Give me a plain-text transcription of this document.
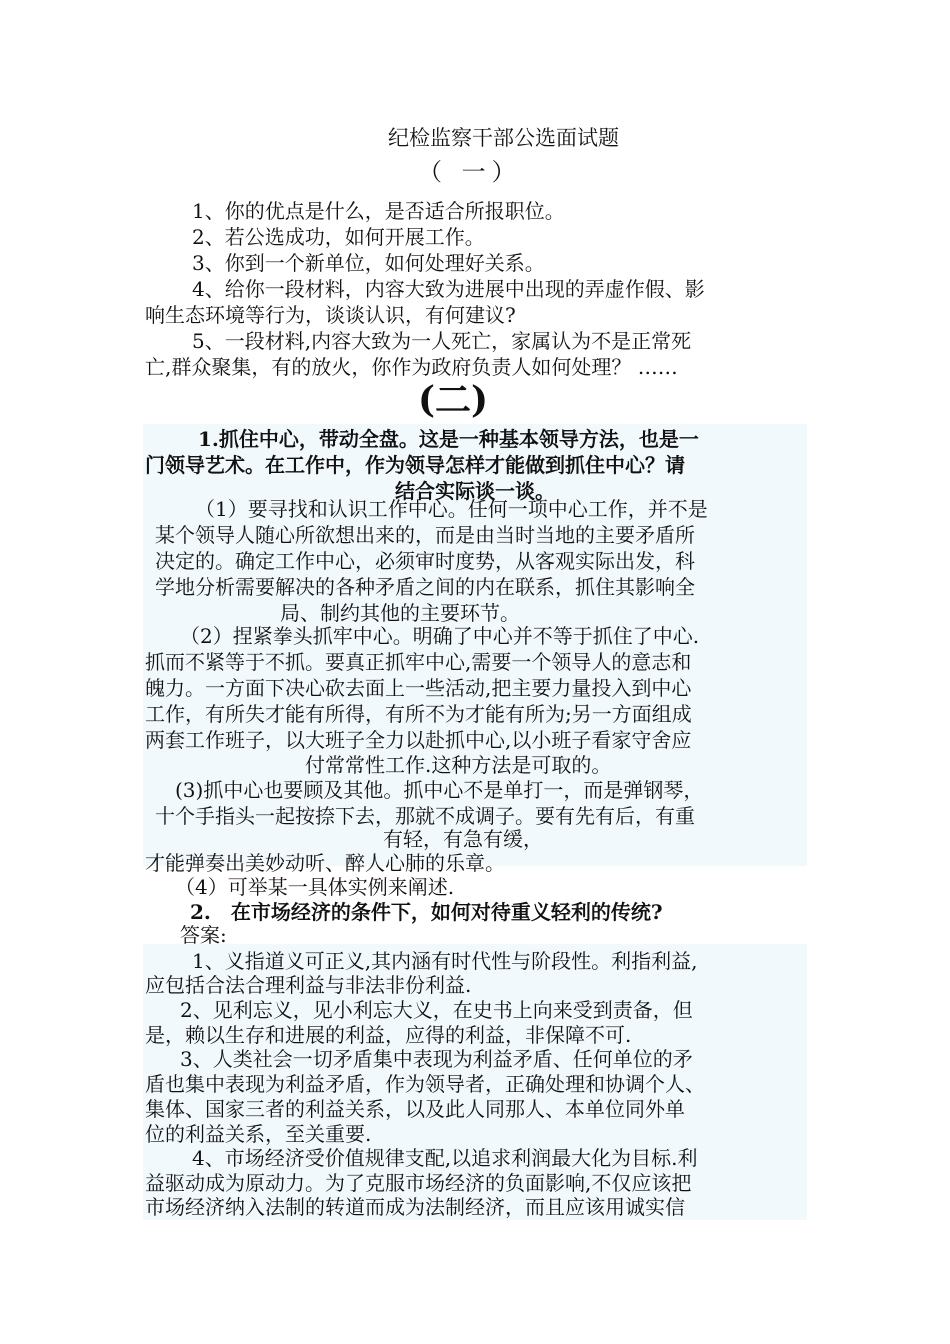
纪检监察干部公选面试题
（ 一）
1、你的优点是什么，是否适合所报职位。
2、若公选成功，如何开展工作。
3、你到一个新单位，如何处理好关系。
4、给你一段材料，内容大致为进展中出现的弄虚作假、影
响生态环境等行为，谈谈认识，有何建议?
5、一段材料,内容大致为一人死亡，家属认为不是正常死
亡,群众聚集，有的放火，你作为政府负责人如何处理？ ……
(二)
1.抓住中心，带动全盘。这是一种基本领导方法，也是一
门领导艺术。在工作中，作为领导怎样才能做到抓住中心？请
结合实际谈一谈。
（1）要寻找和认识工作中心。任何一项中心工作，并不是
某个领导人随心所欲想出来的，而是由当时当地的主要矛盾所
决定的。确定工作中心，必须审时度势，从客观实际出发，科
学地分析需要解决的各种矛盾之间的内在联系，抓住其影响全
局、制约其他的主要环节。
（2）捏紧拳头抓牢中心。明确了中心并不等于抓住了中心.
抓而不紧等于不抓。要真正抓牢中心,需要一个领导人的意志和
魄力。一方面下决心砍去面上一些活动,把主要力量投入到中心
工作，有所失才能有所得，有所不为才能有所为;另一方面组成
两套工作班子，以大班子全力以赴抓中心,以小班子看家守舍应
付常常性工作.这种方法是可取的。
(3)抓中心也要顾及其他。抓中心不是单打一，而是弹钢琴，
十个手指头一起按捺下去，那就不成调子。要有先有后，有重
有轻，有急有缓，
才能弹奏出美妙动听、醉人心肺的乐章。
（4）可举某一具体实例来阐述.
2.　在市场经济的条件下，如何对待重义轻利的传统?
答案:
1、义指道义可正义,其内涵有时代性与阶段性。利指利益,
应包括合法合理利益与非法非份利益.
2、见利忘义，见小利忘大义，在史书上向来受到责备，但
是，赖以生存和进展的利益，应得的利益，非保障不可.
3、人类社会一切矛盾集中表现为利益矛盾、任何单位的矛
盾也集中表现为利益矛盾，作为领导者，正确处理和协调个人、
集体、国家三者的利益关系，以及此人同那人、本单位同外单
位的利益关系，至关重要.
4、市场经济受价值规律支配,以追求利润最大化为目标.利
益驱动成为原动力。为了克服市场经济的负面影响,不仅应该把
市场经济纳入法制的转道而成为法制经济，而且应该用诚实信
